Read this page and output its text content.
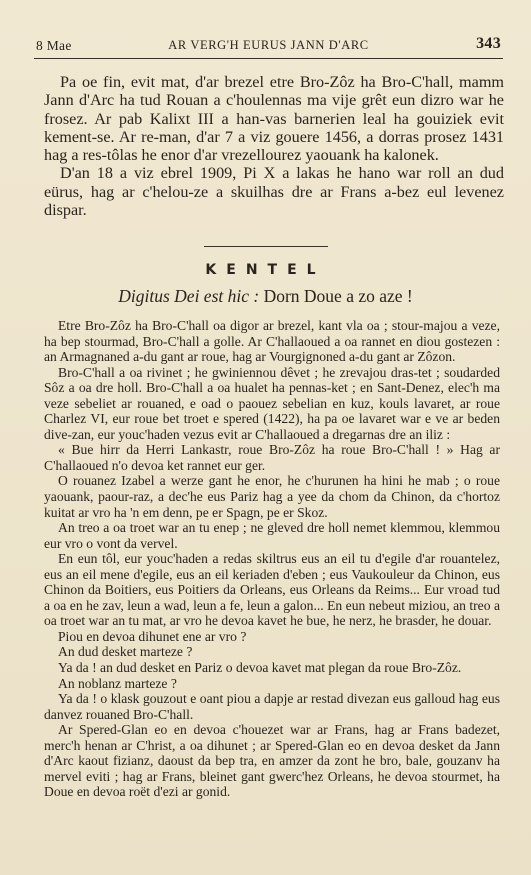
8 Mae	AR VERG'H EURUS JANN D'ARC	343

Pa oe fin, evit mat, d'ar brezel etre Bro-Zôz ha Bro-C'hall, mamm Jann d'Arc ha tud Rouan a c'houlennas ma vije grêt eun dizro war he frosez. Ar pab Kalixt III a han-vas barnerien leal ha gouiziek evit kement-se. Ar re-man, d'ar 7 a viz gouere 1456, a dorras prosez 1431 hag a res-tôlas he enor d'ar vrezellourez yaouank ha kalonek.

D'an 18 a viz ebrel 1909, Pi X a lakas he hano war roll an dud eürus, hag ar c'helou-ze a skuilhas dre ar Frans a-bez eul levenez dispar.

KENTEL
Digitus Dei est hic : Dorn Doue a zo aze !

Etre Bro-Zôz ha Bro-C'hall oa digor ar brezel, kant vla oa ; stour-majou a veze, ha bep stourmad, Bro-C'hall a golle. Ar C'hallaoued a oa rannet en diou gostezen : an Armagnaned a-du gant ar roue, hag ar Vourgignoned a-du gant ar Zôzon.

Bro-C'hall a oa rivinet ; he gwiniennou dêvet ; he zrevajou dras-tet ; soudarded Sôz a oa dre holl. Bro-C'hall a oa hualet ha pennas-ket ; en Sant-Denez, elec'h ma veze sebeliet ar rouaned, e oad o paouez sebelian en kuz, kouls lavaret, ar roue Charlez VI, eur roue bet troet e spered (1422), ha pa oe lavaret war e ve ar beden dive-zan, eur youc'haden vezus evit ar C'hallaoued a dregarnas dre an iliz :

« Bue hirr da Herri Lankastr, roue Bro-Zôz ha roue Bro-C'hall ! » Hag ar C'hallaoued n'o devoa ket rannet eur ger.

O rouanez Izabel a werze gant he enor, he c'hurunen ha hini he mab ; o roue yaouank, paour-raz, a dec'he eus Pariz hag a yee da chom da Chinon, da c'hortoz kuitat ar vro ha 'n em denn, pe er Spagn, pe er Skoz.

An treo a oa troet war an tu enep ; ne gleved dre holl nemet klemmou, klemmou eur vro o vont da vervel.

En eun tôl, eur youc'haden a redas skiltrus eus an eil tu d'egile d'ar rouantelez, eus an eil mene d'egile, eus an eil keriaden d'eben ; eus Vaukouleur da Chinon, eus Chinon da Boitiers, eus Poitiers da Orleans, eus Orleans da Reims... Eur vroad tud a oa en he zav, leun a wad, leun a fe, leun a galon... En eun nebeut miziou, an treo a oa troet war an tu mat, ar vro he devoa kavet he bue, he nerz, he brasder, he douar.

Piou en devoa dihunet ene ar vro ?

An dud desket marteze ?

Ya da ! an dud desket en Pariz o devoa kavet mat plegan da roue Bro-Zôz.

An noblanz marteze ?

Ya da ! o klask gouzout e oant piou a dapje ar restad divezan eus galloud hag eus danvez rouaned Bro-C'hall.

Ar Spered-Glan eo en devoa c'houezet war ar Frans, hag ar Frans badezet, merc'h henan ar C'hrist, a oa dihunet ; ar Spered-Glan eo en devoa desket da Jann d'Arc kaout fizianz, daoust da bep tra, en amzer da zont he bro, bale, gouzanv ha mervel eviti ; hag ar Frans, bleinet gant gwerc'hez Orleans, he devoa stourmet, ha Doue en devoa roët d'ezi ar gonid.
